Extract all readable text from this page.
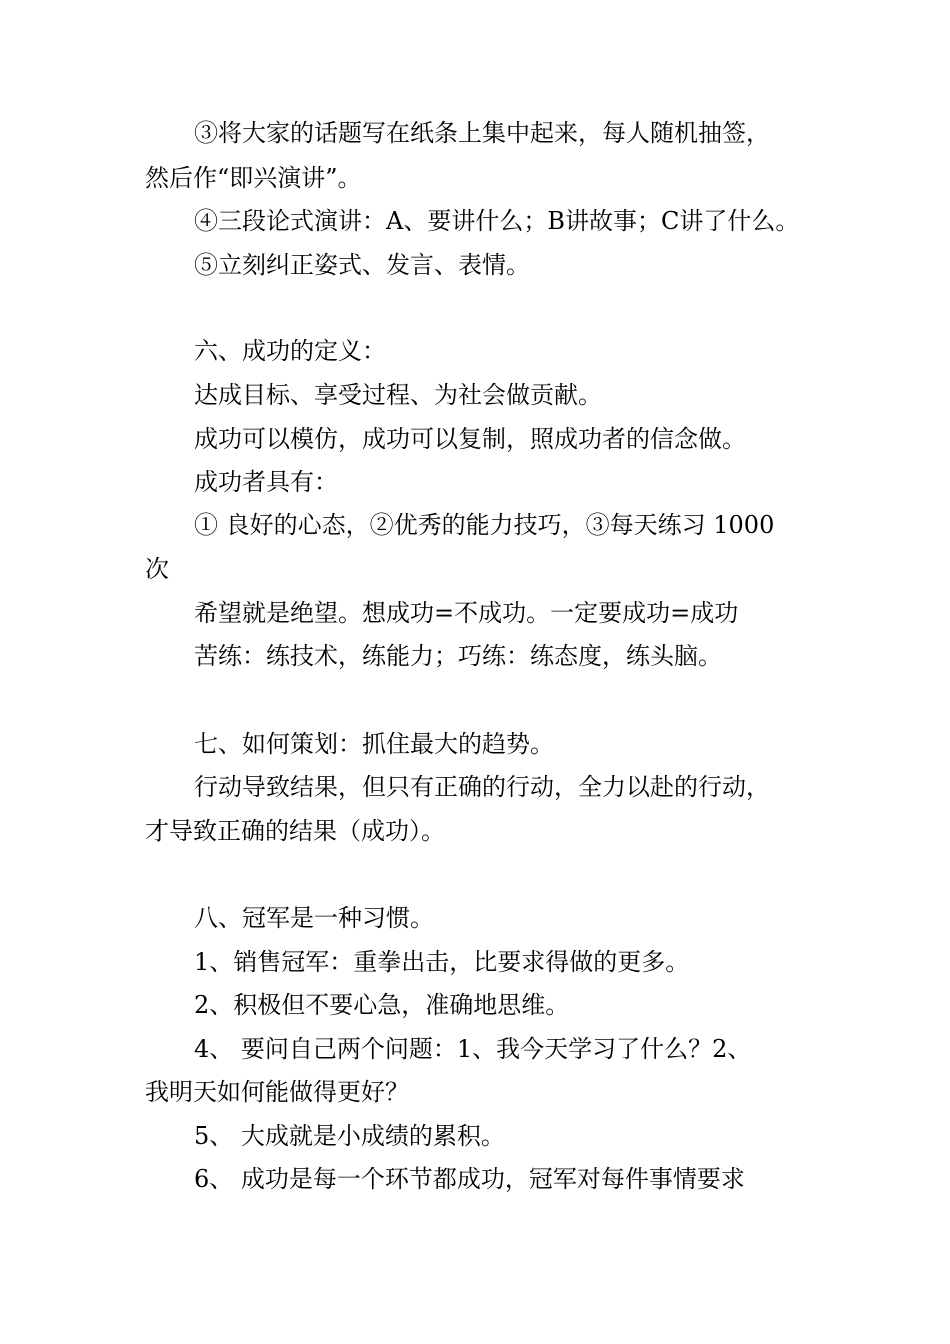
③将大家的话题写在纸条上集中起来，每人随机抽签，
然后作“即兴演讲”。
④三段论式演讲：A、要讲什么；B讲故事；C讲了什么。
⑤立刻纠正姿式、发言、表情。
六、成功的定义：
达成目标、享受过程、为社会做贡献。
成功可以模仿，成功可以复制，照成功者的信念做。
成功者具有：
① 良好的心态，②优秀的能力技巧，③每天练习 1000
次
希望就是绝望。想成功=不成功。一定要成功=成功
苦练：练技术，练能力；巧练：练态度，练头脑。
七、如何策划：抓住最大的趋势。
行动导致结果，但只有正确的行动，全力以赴的行动，
才导致正确的结果（成功）。
八、冠军是一种习惯。
1、销售冠军：重拳出击，比要求得做的更多。
2、积极但不要心急，准确地思维。
4、 要问自己两个问题：1、我今天学习了什么？2、
我明天如何能做得更好？
5、 大成就是小成绩的累积。
6、 成功是每一个环节都成功，冠军对每件事情要求
